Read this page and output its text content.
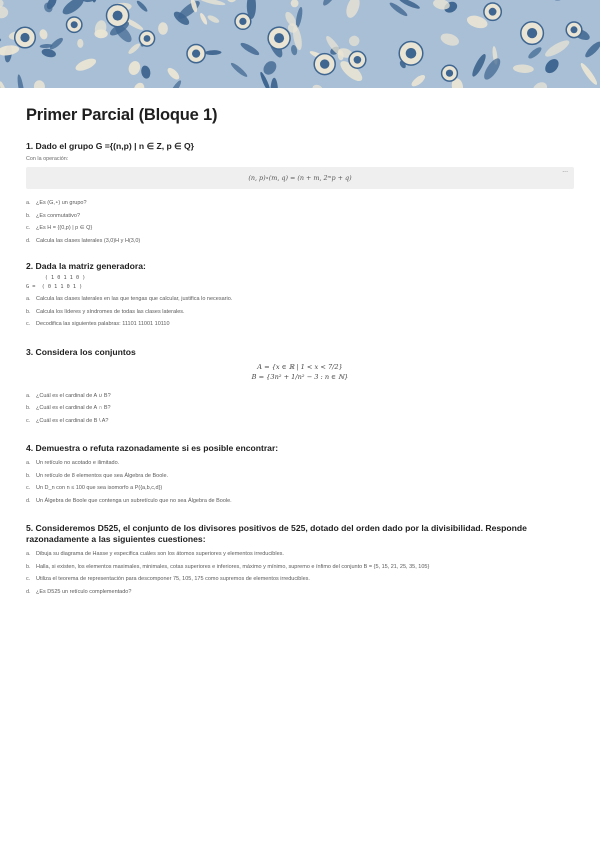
Primer Parcial (Bloque 1)
1. Dado el grupo G ={(n,p) | n ∈ Z, p ∈ Q}
Con la operación:
(n, p)∘(m, q) = (n + m, 2ᵐp + q)
···
a. ¿Es (G,∘) un grupo?
b. ¿Es conmutativo?
c.	¿Es H = {(0,p) | p ∈ Q}
d. Calcula las clases laterales (3,0)H y H(3,0)
2. Dada la matriz generadora:
( 1 0 1 1 0 )
G =  ( 0 1 1 0 1 )
a. Calcula las clases laterales en las que tengas que calcular, justifica lo necesario.
b. Calcula los líderes y síndromes de todas las clases laterales.
c.	Decodifica las siguientes palabras: 11101 11001 10110
3. Considera los conjuntos
A = {x ∈ ℝ | 1 < x < 7/2}
B = {3n² + 1/n² − 3 : n ∈ ℕ}
a. ¿Cuál es el cardinal de A ∪ B?
b. ¿Cuál es el cardinal de A ∩ B?
c.	¿Cuál es el cardinal de B \ A?
4. Demuestra o refuta razonadamente si es posible encontrar:
a. Un retículo no acotado e ilimitado.
b. Un retículo de 8 elementos que sea Álgebra de Boole.
c.	Un D_n con n ≤ 100 que sea isomorfo a P({a,b,c,d})
d. Un Álgebra de Boole que contenga un subretículo que no sea Álgebra de Boole.
5. Consideremos D525, el conjunto de los divisores positivos de 525, dotado del orden dado por la divisibilidad. Responde razonadamente a las siguientes cuestiones:
a. Dibuja su diagrama de Hasse y especifica cuáles son los átomos superiores y elementos irreducibles.
b. Halla, si existen, los elementos maximales, minimales, cotas superiores e inferiores, máximo y mínimo, supremo e ínfimo del conjunto B = {5, 15, 21, 25, 35, 105}
c.	Utiliza el teorema de representación para descomponer 75, 105, 175 como supremos de elementos irreducibles.
d. ¿Es D525 un retículo complementado?
